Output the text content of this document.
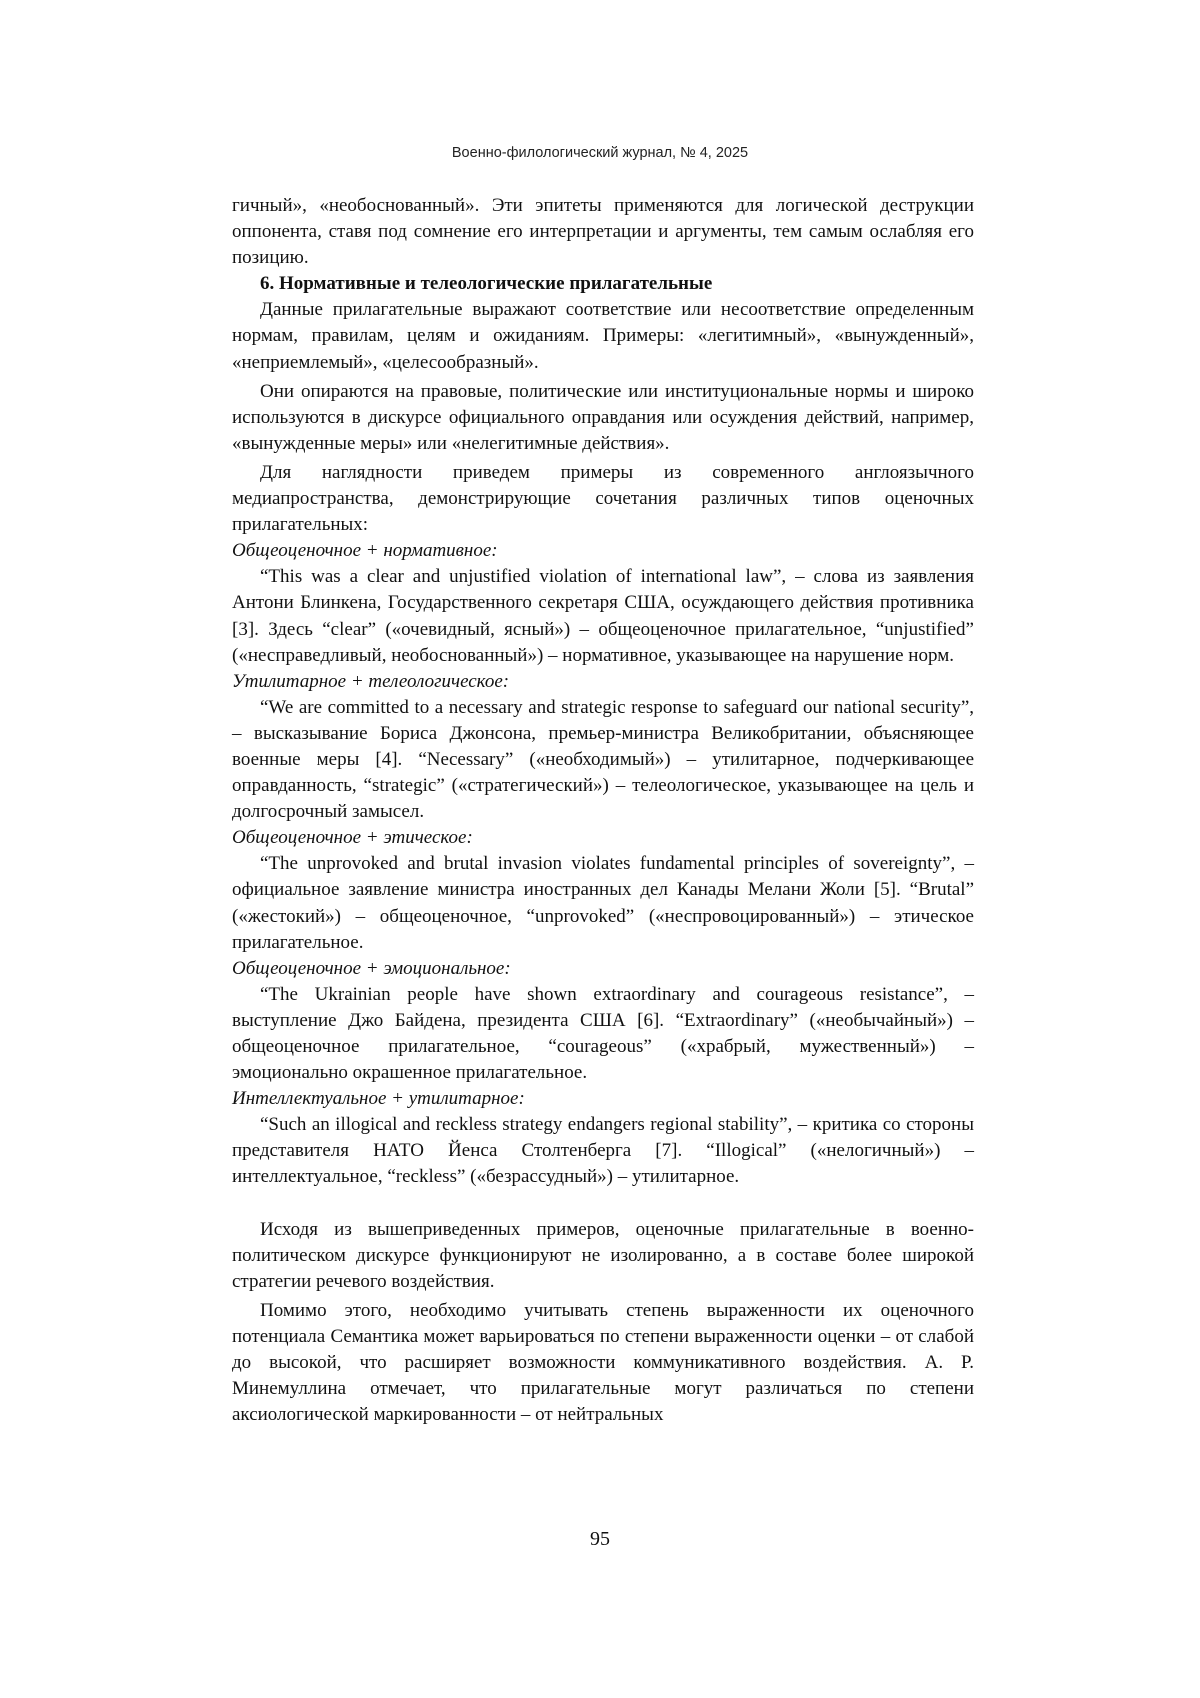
Военно-филологический журнал, № 4, 2025

гичный», «необоснованный». Эти эпитеты применяются для логической деструкции оппонента, ставя под сомнение его интерпретации и аргументы, тем самым ослабляя его позицию.

6. Нормативные и телеологические прилагательные

Данные прилагательные выражают соответствие или несоответствие определенным нормам, правилам, целям и ожиданиям. Примеры: «легитимный», «вынужденный», «неприемлемый», «целесообразный».

Они опираются на правовые, политические или институциональные нормы и широко используются в дискурсе официального оправдания или осуждения действий, например, «вынужденные меры» или «нелегитимные действия».

Для наглядности приведем примеры из современного англоязычного медиапространства, демонстрирующие сочетания различных типов оценочных прилагательных:

Общеоценочное + нормативное:

“This was a clear and unjustified violation of international law”, – слова из заявления Антони Блинкена, Государственного секретаря США, осуждающего действия противника [3]. Здесь “clear” («очевидный, ясный») – общеоценочное прилагательное, “unjustified” («несправедливый, необоснованный») – нормативное, указывающее на нарушение норм.

Утилитарное + телеологическое:

“We are committed to a necessary and strategic response to safeguard our national security”, – высказывание Бориса Джонсона, премьер-министра Великобритании, объясняющее военные меры [4]. “Necessary” («необходимый») – утилитарное, подчеркивающее оправданность, “strategic” («стратегический») – телеологическое, указывающее на цель и долгосрочный замысел.

Общеоценочное + этическое:

“The unprovoked and brutal invasion violates fundamental principles of sovereignty”, – официальное заявление министра иностранных дел Канады Мелани Жоли [5]. “Brutal” («жестокий») – общеоценочное, “unprovoked” («неспровоцированный») – этическое прилагательное.

Общеоценочное + эмоциональное:

“The Ukrainian people have shown extraordinary and courageous resistance”, – выступление Джо Байдена, президента США [6]. “Extraordinary” («необычайный») – общеоценочное прилагательное, “courageous” («храбрый, мужественный») – эмоционально окрашенное прилагательное.

Интеллектуальное + утилитарное:

“Such an illogical and reckless strategy endangers regional stability”, – критика со стороны представителя НАТО Йенса Столтенберга [7]. “Illogical” («нелогичный») – интеллектуальное, “reckless” («безрассудный») – утилитарное.

Исходя из вышеприведенных примеров, оценочные прилагательные в военно-политическом дискурсе функционируют не изолированно, а в составе более широкой стратегии речевого воздействия.

Помимо этого, необходимо учитывать степень выраженности их оценочного потенциала Семантика может варьироваться по степени выраженности оценки – от слабой до высокой, что расширяет возможности коммуникативного воздействия. А. Р. Минемуллина отмечает, что прилагательные могут различаться по степени аксиологической маркированности – от нейтральных

95
